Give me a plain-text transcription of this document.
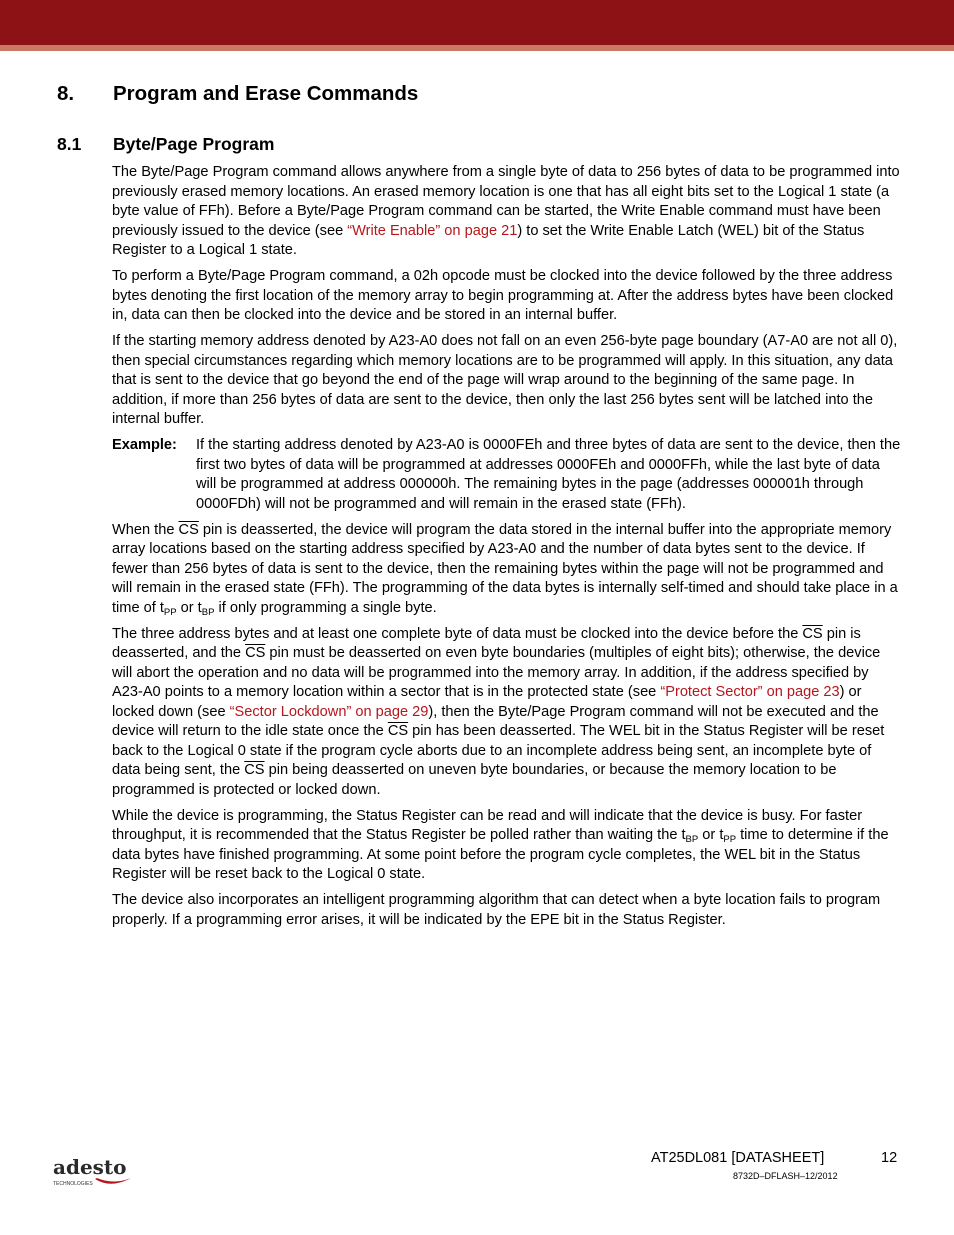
8. Program and Erase Commands
8.1 Byte/Page Program

The Byte/Page Program command allows anywhere from a single byte of data to 256 bytes of data to be programmed into previously erased memory locations. An erased memory location is one that has all eight bits set to the Logical 1 state (a byte value of FFh). Before a Byte/Page Program command can be started, the Write Enable command must have been previously issued to the device (see “Write Enable” on page 21) to set the Write Enable Latch (WEL) bit of the Status Register to a Logical 1 state.

To perform a Byte/Page Program command, a 02h opcode must be clocked into the device followed by the three address bytes denoting the first location of the memory array to begin programming at. After the address bytes have been clocked in, data can then be clocked into the device and be stored in an internal buffer.

If the starting memory address denoted by A23-A0 does not fall on an even 256-byte page boundary (A7-A0 are not all 0), then special circumstances regarding which memory locations are to be programmed will apply. In this situation, any data that is sent to the device that go beyond the end of the page will wrap around to the beginning of the same page. In addition, if more than 256 bytes of data are sent to the device, then only the last 256 bytes sent will be latched into the internal buffer.

Example:	If the starting address denoted by A23-A0 is 0000FEh and three bytes of data are sent to the device, then the first two bytes of data will be programmed at addresses 0000FEh and 0000FFh, while the last byte of data will be programmed at address 000000h. The remaining bytes in the page (addresses 000001h through 0000FDh) will not be programmed and will remain in the erased state (FFh).

When the $\overline{CS}$ pin is deasserted, the device will program the data stored in the internal buffer into the appropriate memory array locations based on the starting address specified by A23-A0 and the number of data bytes sent to the device. If fewer than 256 bytes of data is sent to the device, then the remaining bytes within the page will not be programmed and will remain in the erased state (FFh). The programming of the data bytes is internally self-timed and should take place in a time of $t_{PP}$ or $t_{BP}$ if only programming a single byte.

The three address bytes and at least one complete byte of data must be clocked into the device before the $\overline{CS}$ pin is deasserted, and the $\overline{CS}$ pin must be deasserted on even byte boundaries (multiples of eight bits); otherwise, the device will abort the operation and no data will be programmed into the memory array. In addition, if the address specified by A23-A0 points to a memory location within a sector that is in the protected state (see “Protect Sector” on page 23) or locked down (see “Sector Lockdown” on page 29), then the Byte/Page Program command will not be executed and the device will return to the idle state once the $\overline{CS}$ pin has been deasserted. The WEL bit in the Status Register will be reset back to the Logical 0 state if the program cycle aborts due to an incomplete address being sent, an incomplete byte of data being sent, the $\overline{CS}$ pin being deasserted on uneven byte boundaries, or because the memory location to be programmed is protected or locked down.

While the device is programming, the Status Register can be read and will indicate that the device is busy. For faster throughput, it is recommended that the Status Register be polled rather than waiting the $t_{BP}$ or $t_{PP}$ time to determine if the data bytes have finished programming. At some point before the program cycle completes, the WEL bit in the Status Register will be reset back to the Logical 0 state.

The device also incorporates an intelligent programming algorithm that can detect when a byte location fails to program properly. If a programming error arises, it will be indicated by the EPE bit in the Status Register.

adesto
TECHNOLOGIES
AT25DL081 [DATASHEET]	12
8732D–DFLASH–12/2012
